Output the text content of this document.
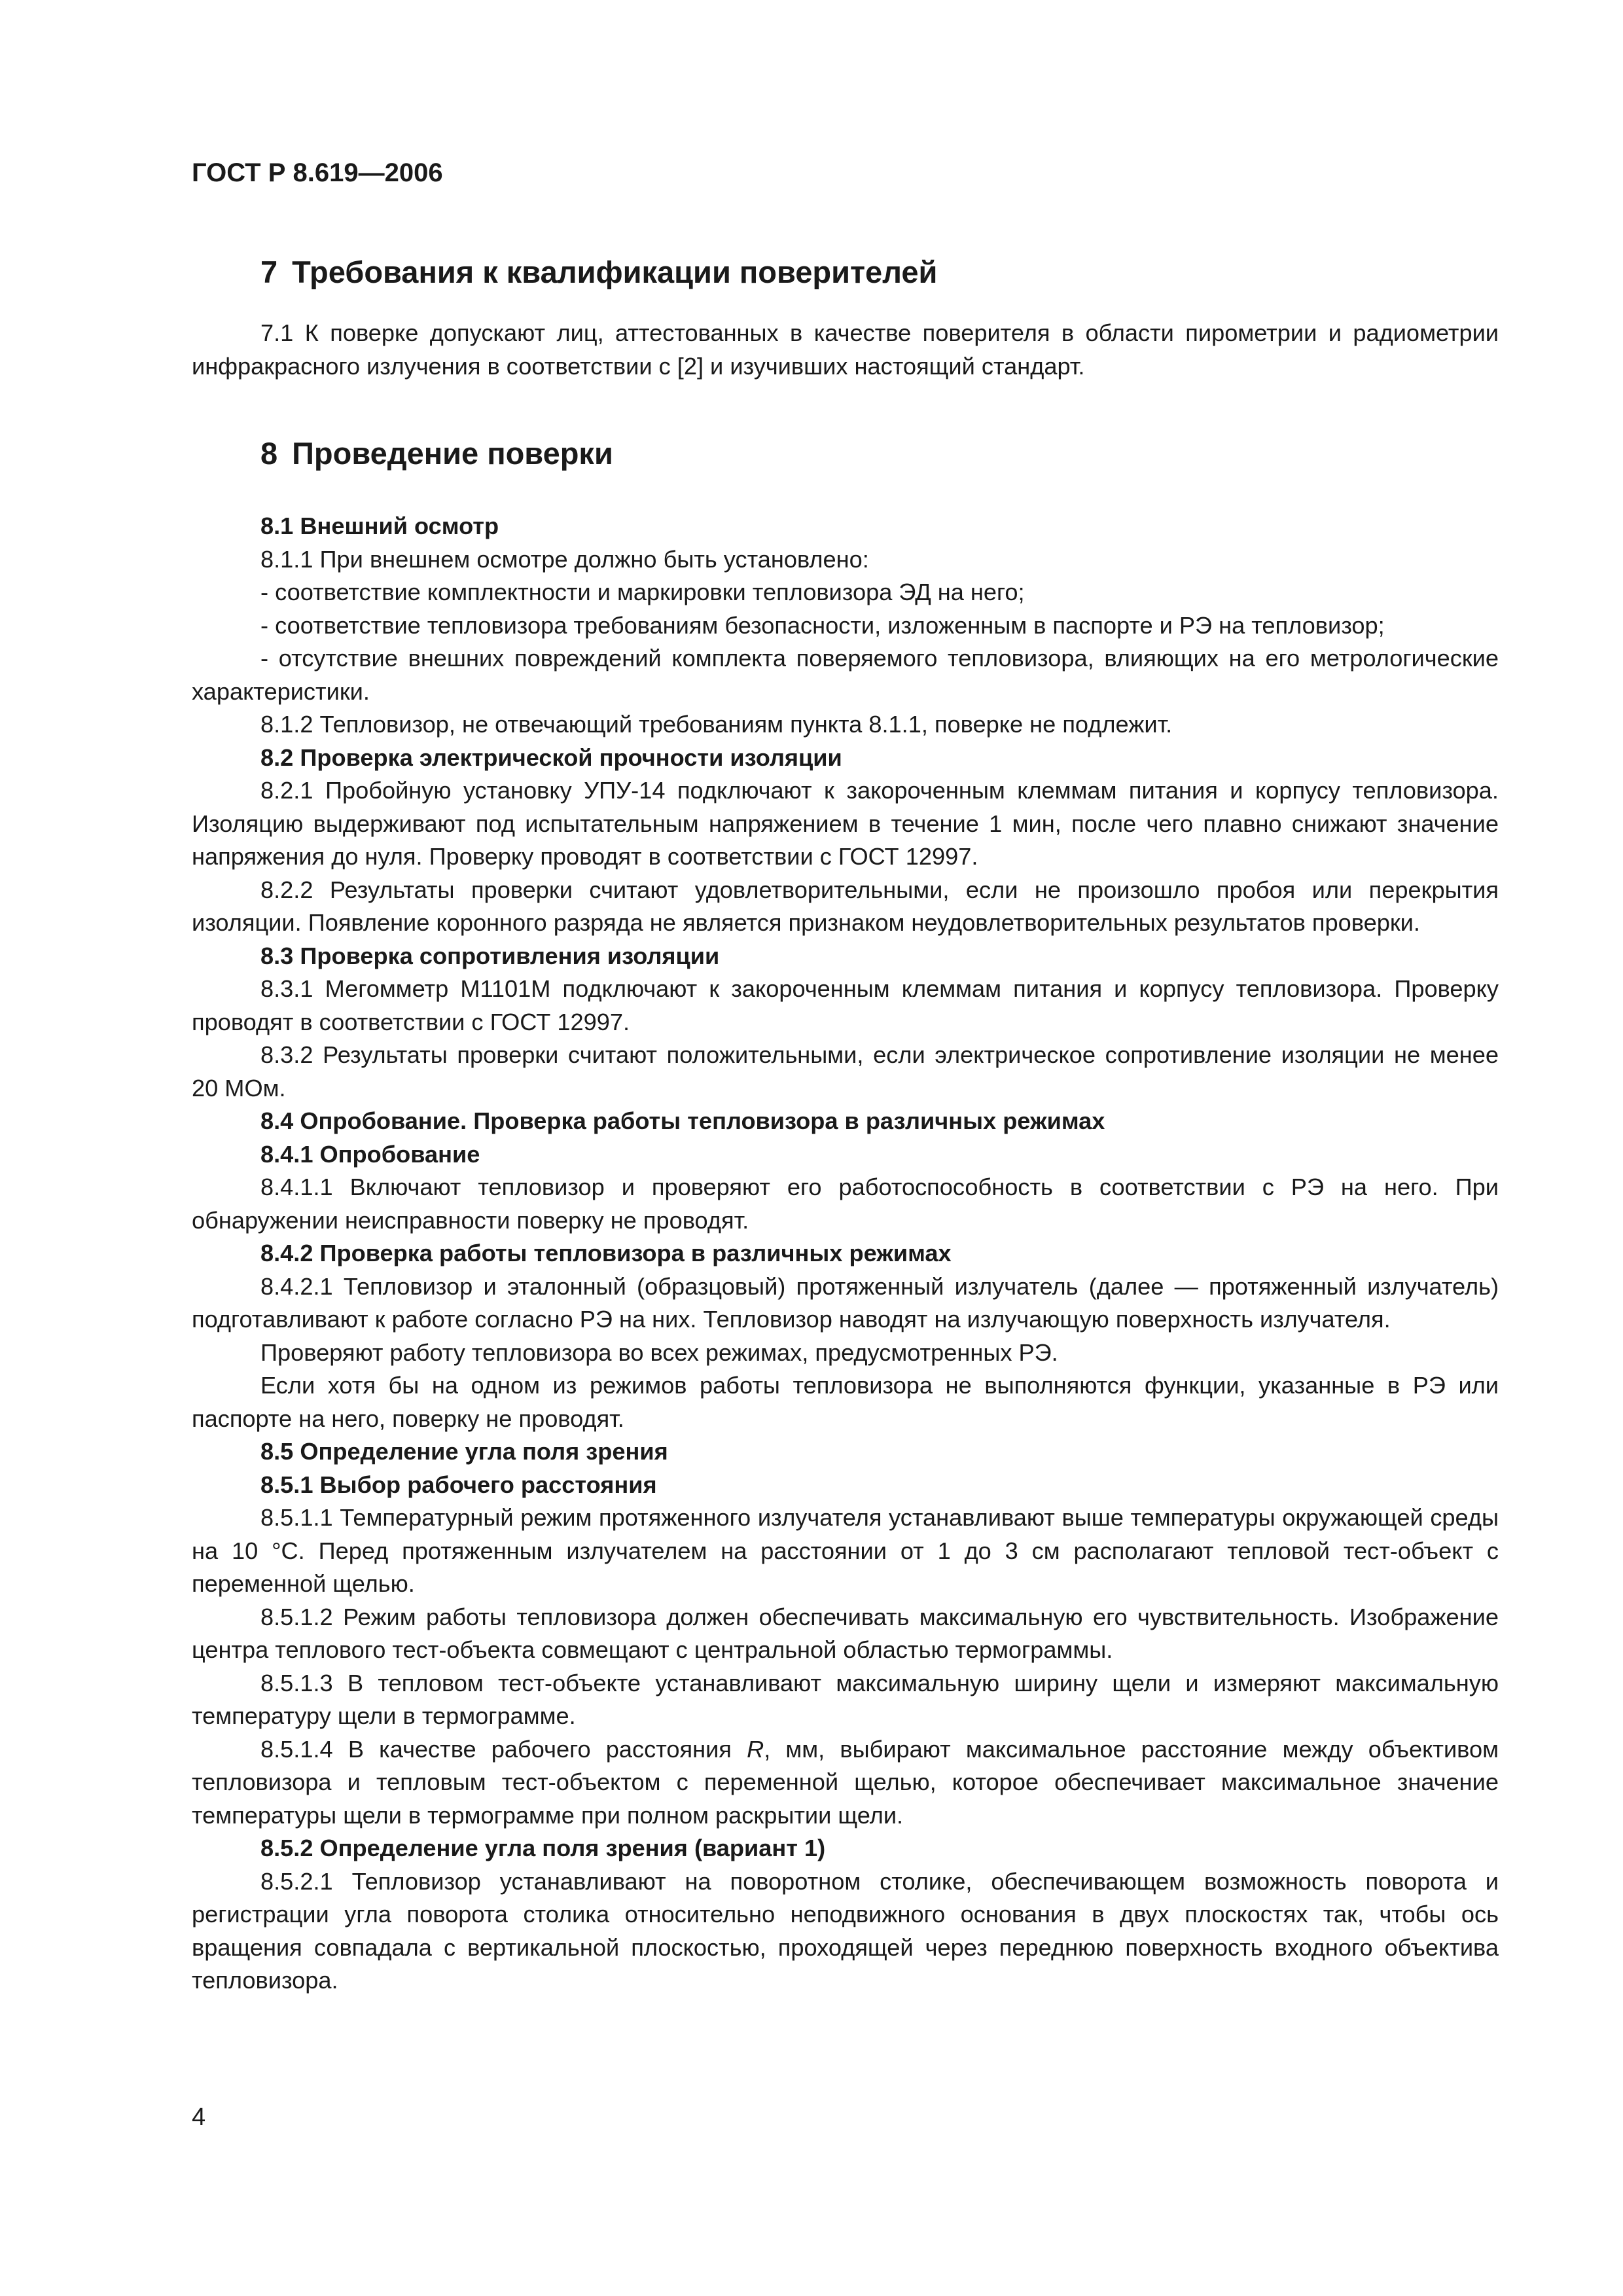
ГОСТ Р 8.619—2006

7 Требования к квалификации поверителей

7.1 К поверке допускают лиц, аттестованных в качестве поверителя в области пирометрии и радиометрии инфракрасного излучения в соответствии с [2] и изучивших настоящий стандарт.

8 Проведение поверки

8.1 Внешний осмотр

8.1.1 При внешнем осмотре должно быть установлено:

- соответствие комплектности и маркировки тепловизора ЭД на него;

- соответствие тепловизора требованиям безопасности, изложенным в паспорте и РЭ на тепловизор;

- отсутствие внешних повреждений комплекта поверяемого тепловизора, влияющих на его метрологические характеристики.

8.1.2 Тепловизор, не отвечающий требованиям пункта 8.1.1, поверке не подлежит.

8.2 Проверка электрической прочности изоляции

8.2.1 Пробойную установку УПУ-14 подключают к закороченным клеммам питания и корпусу тепловизора. Изоляцию выдерживают под испытательным напряжением в течение 1 мин, после чего плавно снижают значение напряжения до нуля. Проверку проводят в соответствии с ГОСТ 12997.

8.2.2 Результаты проверки считают удовлетворительными, если не произошло пробоя или перекрытия изоляции. Появление коронного разряда не является признаком неудовлетворительных результатов проверки.

8.3 Проверка сопротивления изоляции

8.3.1 Мегомметр М1101М подключают к закороченным клеммам питания и корпусу тепловизора. Проверку проводят в соответствии с ГОСТ 12997.

8.3.2 Результаты проверки считают положительными, если электрическое сопротивление изоляции не менее 20 МОм.

8.4 Опробование. Проверка работы тепловизора в различных режимах

8.4.1 Опробование

8.4.1.1 Включают тепловизор и проверяют его работоспособность в соответствии с РЭ на него. При обнаружении неисправности поверку не проводят.

8.4.2 Проверка работы тепловизора в различных режимах

8.4.2.1 Тепловизор и эталонный (образцовый) протяженный излучатель (далее — протяженный излучатель) подготавливают к работе согласно РЭ на них. Тепловизор наводят на излучающую поверхность излучателя.

Проверяют работу тепловизора во всех режимах, предусмотренных РЭ.

Если хотя бы на одном из режимов работы тепловизора не выполняются функции, указанные в РЭ или паспорте на него, поверку не проводят.

8.5 Определение угла поля зрения

8.5.1 Выбор рабочего расстояния

8.5.1.1 Температурный режим протяженного излучателя устанавливают выше температуры окружающей среды на 10 °С. Перед протяженным излучателем на расстоянии от 1 до 3 см располагают тепловой тест-объект с переменной щелью.

8.5.1.2 Режим работы тепловизора должен обеспечивать максимальную его чувствительность. Изображение центра теплового тест-объекта совмещают с центральной областью термограммы.

8.5.1.3 В тепловом тест-объекте устанавливают максимальную ширину щели и измеряют максимальную температуру щели в термограмме.

8.5.1.4 В качестве рабочего расстояния R, мм, выбирают максимальное расстояние между объективом тепловизора и тепловым тест-объектом с переменной щелью, которое обеспечивает максимальное значение температуры щели в термограмме при полном раскрытии щели.

8.5.2 Определение угла поля зрения (вариант 1)

8.5.2.1 Тепловизор устанавливают на поворотном столике, обеспечивающем возможность поворота и регистрации угла поворота столика относительно неподвижного основания в двух плоскостях так, чтобы ось вращения совпадала с вертикальной плоскостью, проходящей через переднюю поверхность входного объектива тепловизора.

4
